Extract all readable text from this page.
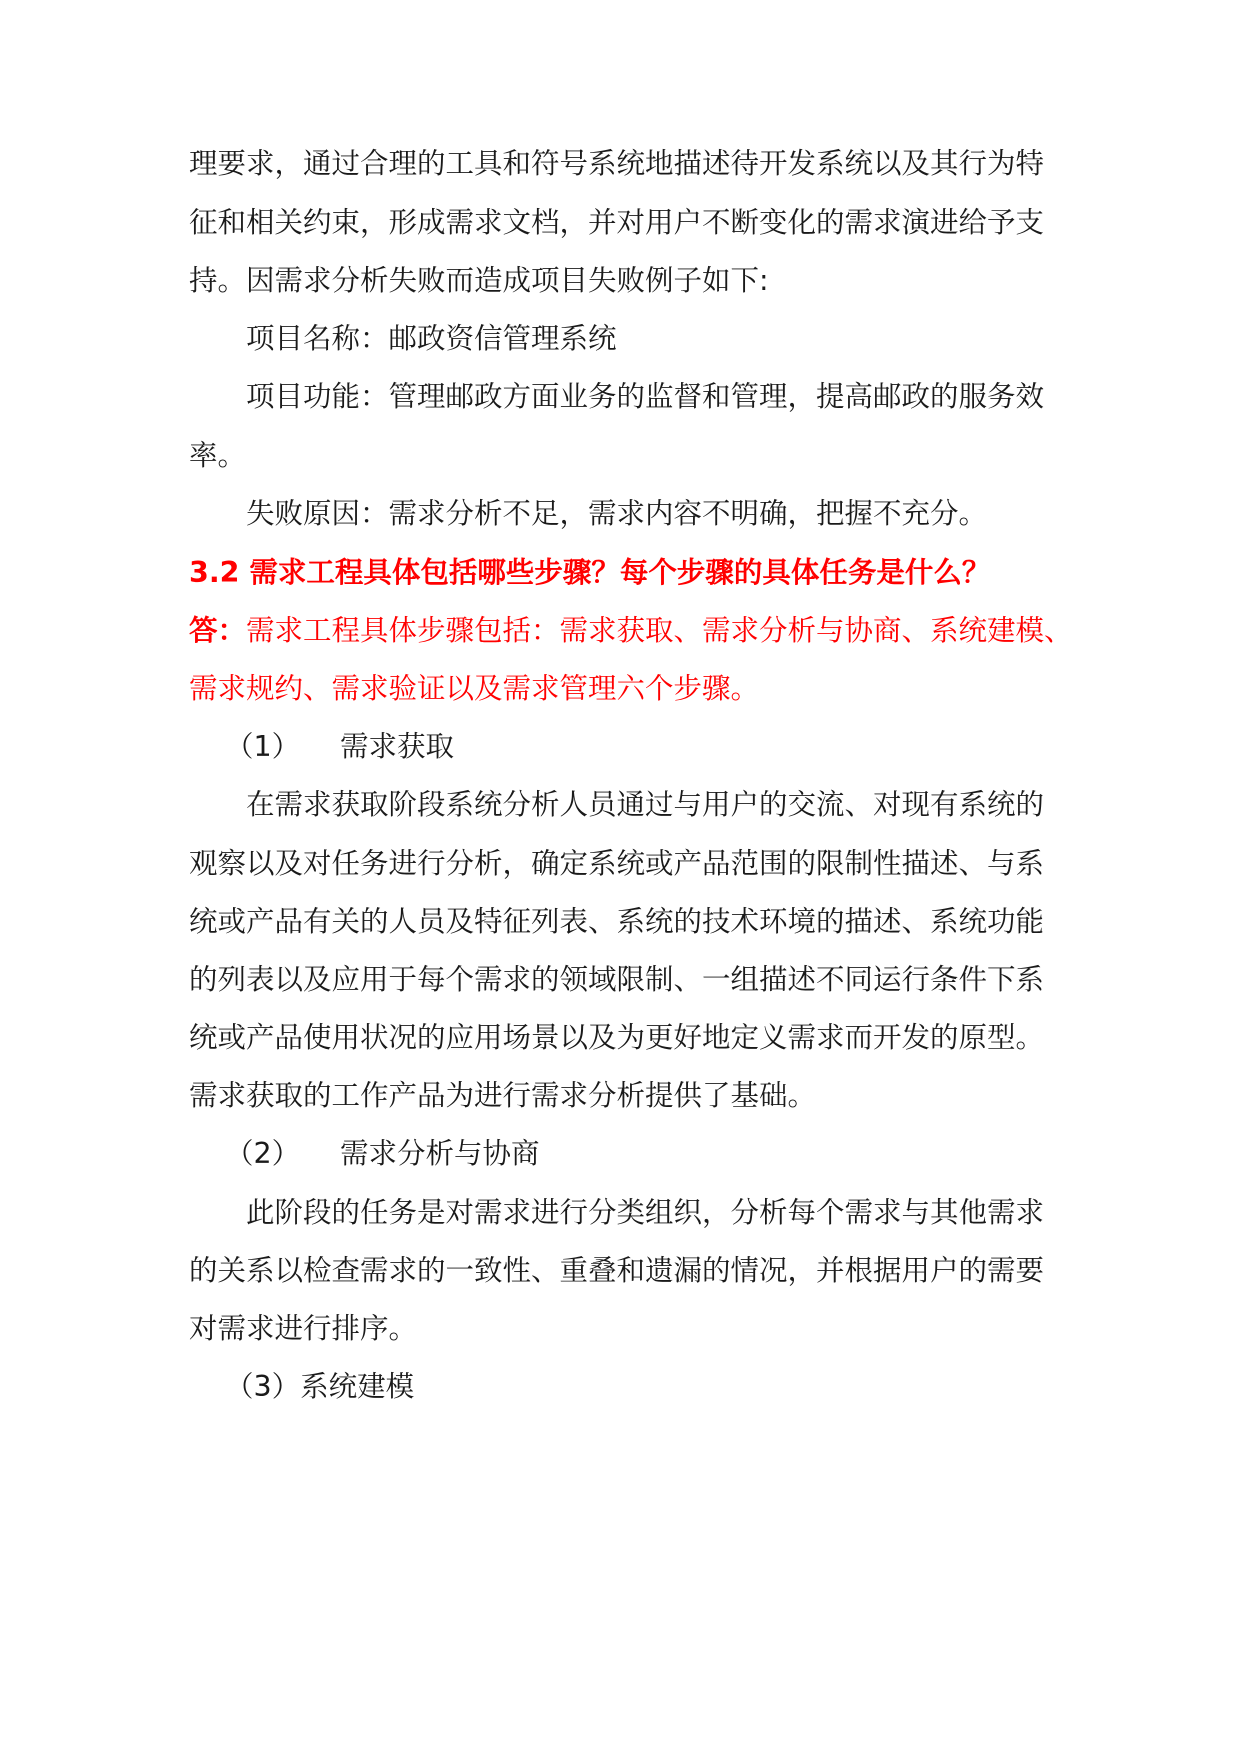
理要求，通过合理的工具和符号系统地描述待开发系统以及其行为特
征和相关约束，形成需求文档，并对用户不断变化的需求演进给予支
持。因需求分析失败而造成项目失败例子如下:
项目名称：邮政资信管理系统
项目功能：管理邮政方面业务的监督和管理，提高邮政的服务效
率。
失败原因：需求分析不足，需求内容不明确，把握不充分。
3.2 需求工程具体包括哪些步骤？每个步骤的具体任务是什么？
答：需求工程具体步骤包括：需求获取、需求分析与协商、系统建模、
需求规约、需求验证以及需求管理六个步骤。
（1） 需求获取
在需求获取阶段系统分析人员通过与用户的交流、对现有系统的
观察以及对任务进行分析，确定系统或产品范围的限制性描述、与系
统或产品有关的人员及特征列表、系统的技术环境的描述、系统功能
的列表以及应用于每个需求的领域限制、一组描述不同运行条件下系
统或产品使用状况的应用场景以及为更好地定义需求而开发的原型。
需求获取的工作产品为进行需求分析提供了基础。
（2） 需求分析与协商
此阶段的任务是对需求进行分类组织，分析每个需求与其他需求
的关系以检查需求的一致性、重叠和遗漏的情况，并根据用户的需要
对需求进行排序。
（3）系统建模
